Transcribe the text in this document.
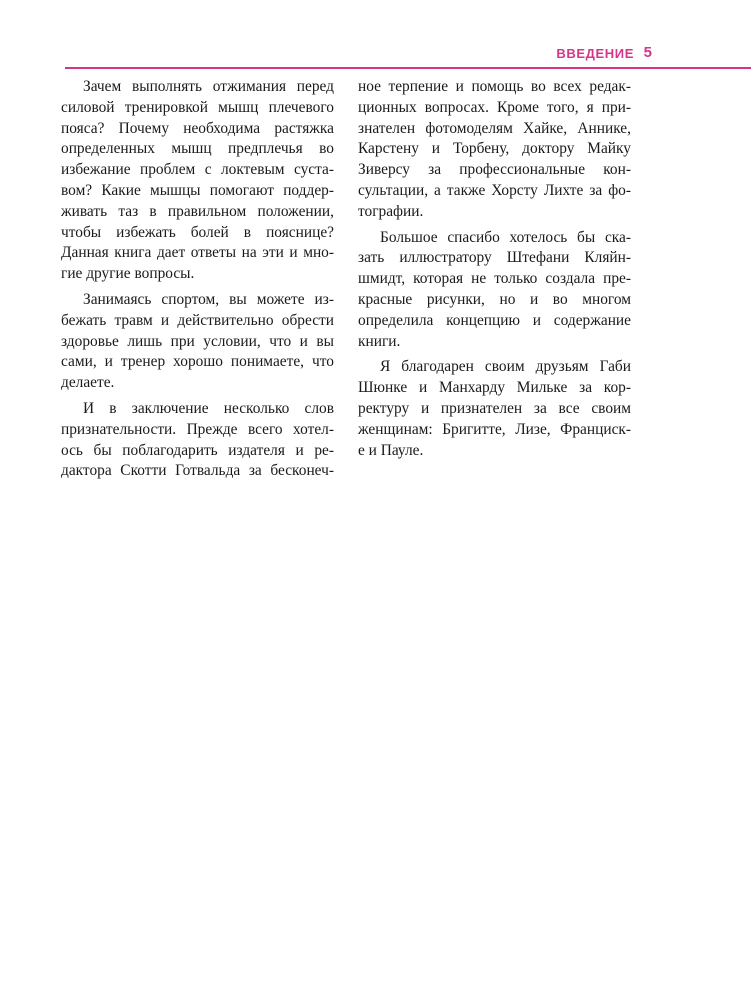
ВВЕДЕНИЕ 5
Зачем выполнять отжимания перед
силовой тренировкой мышц плечевого
пояса? Почему необходима растяжка
определенных мышц предплечья во
избежание проблем с локтевым суста-
вом? Какие мышцы помогают поддер-
живать таз в правильном положении,
чтобы избежать болей в пояснице?
Данная книга дает ответы на эти и мно-
гие другие вопросы.
Занимаясь спортом, вы можете из-
бежать травм и действительно обрести
здоровье лишь при условии, что и вы
сами, и тренер хорошо понимаете, что
делаете.
И в заключение несколько слов
признательности. Прежде всего хотел-
ось бы поблагодарить издателя и ре-
дактора Скотти Готвальда за бесконеч-
ное терпение и помощь во всех редак-
ционных вопросах. Кроме того, я при-
знателен фотомоделям Хайке, Аннике,
Карстену и Торбену, доктору Майку
Зиверсу за профессиональные кон-
сультации, а также Хорсту Лихте за фо-
тографии.
Большое спасибо хотелось бы ска-
зать иллюстратору Штефани Кляйн-
шмидт, которая не только создала пре-
красные рисунки, но и во многом
определила концепцию и содержание
книги.
Я благодарен своим друзьям Габи
Шюнке и Манхарду Мильке за кор-
ректуру и признателен за все своим
женщинам: Бригитте, Лизе, Франциск-
е и Пауле.
